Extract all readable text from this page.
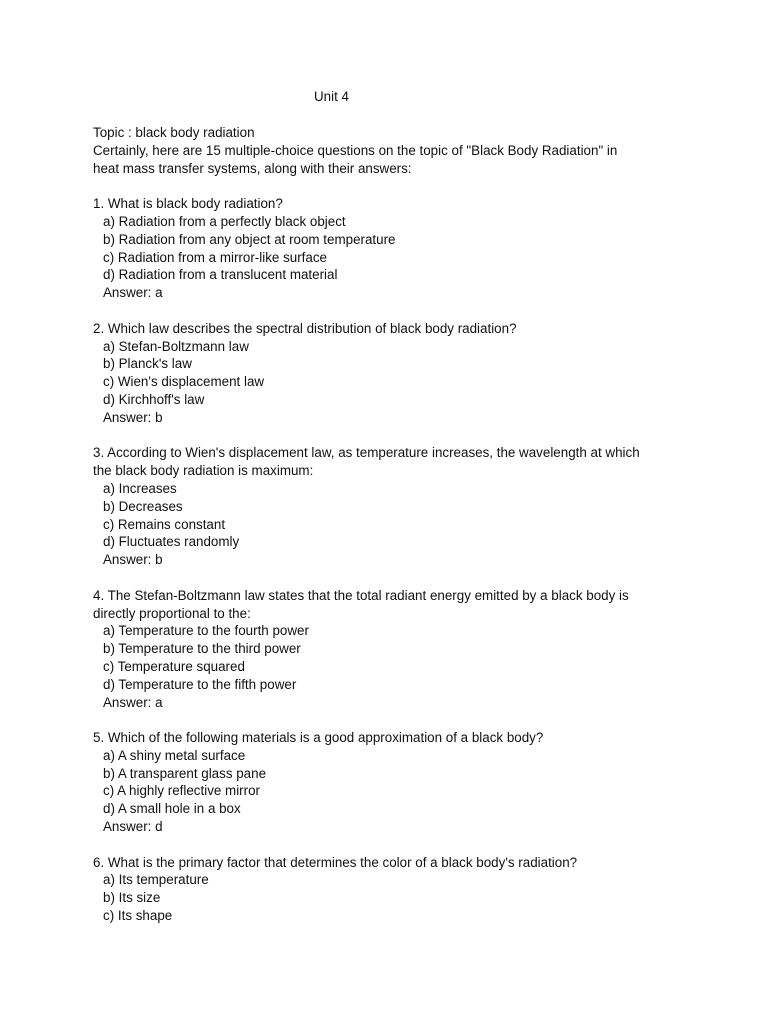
Unit 4
Topic : black body radiation
Certainly, here are 15 multiple-choice questions on the topic of "Black Body Radiation" in
heat mass transfer systems, along with their answers:
1. What is black body radiation?
a) Radiation from a perfectly black object
b) Radiation from any object at room temperature
c) Radiation from a mirror-like surface
d) Radiation from a translucent material
Answer: a
2. Which law describes the spectral distribution of black body radiation?
a) Stefan-Boltzmann law
b) Planck's law
c) Wien's displacement law
d) Kirchhoff's law
Answer: b
3. According to Wien's displacement law, as temperature increases, the wavelength at which
the black body radiation is maximum:
a) Increases
b) Decreases
c) Remains constant
d) Fluctuates randomly
Answer: b
4. The Stefan-Boltzmann law states that the total radiant energy emitted by a black body is
directly proportional to the:
a) Temperature to the fourth power
b) Temperature to the third power
c) Temperature squared
d) Temperature to the fifth power
Answer: a
5. Which of the following materials is a good approximation of a black body?
a) A shiny metal surface
b) A transparent glass pane
c) A highly reflective mirror
d) A small hole in a box
Answer: d
6. What is the primary factor that determines the color of a black body's radiation?
a) Its temperature
b) Its size
c) Its shape
